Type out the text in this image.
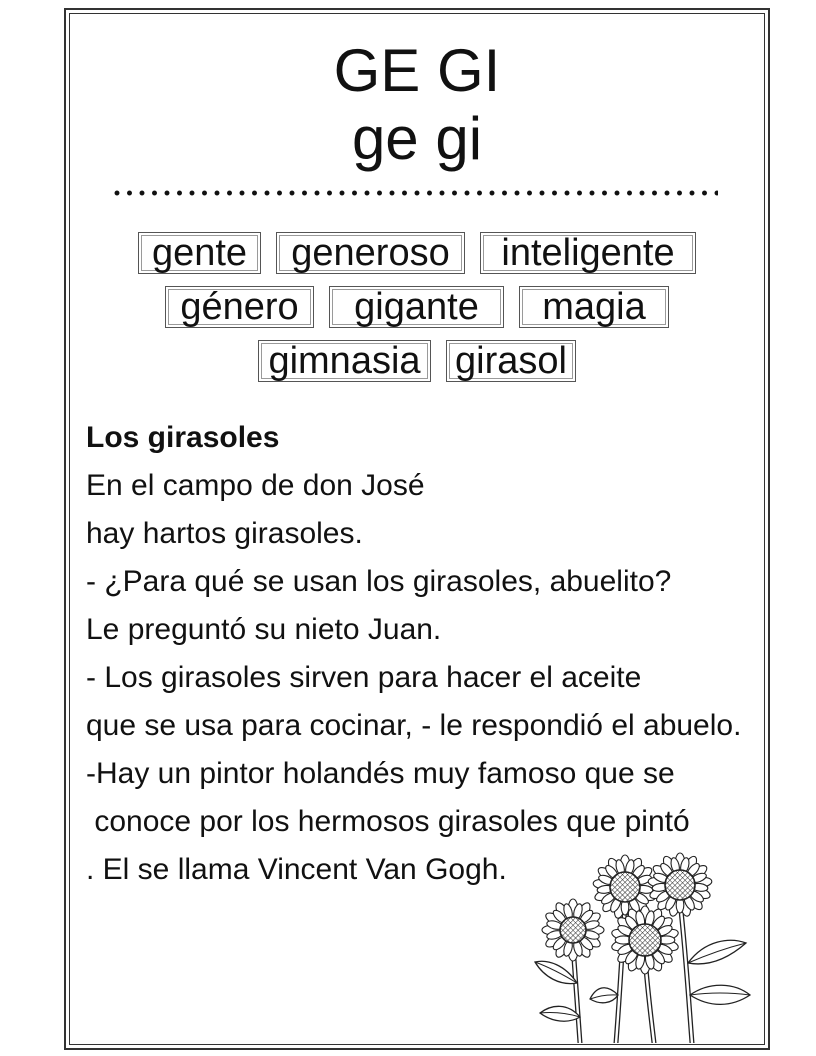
GE GI
ge gi
gente	generoso	inteligente
género	gigante	magia
gimnasia girasol
Los girasoles
En el campo de don José
hay hartos girasoles.
- ¿Para qué se usan los girasoles, abuelito?
Le preguntó su nieto Juan.
- Los girasoles sirven para hacer el aceite
que se usa para cocinar, - le respondió el abuelo.
-Hay un pintor holandés muy famoso que se
conoce por los hermosos girasoles que pintó
. El se llama Vincent Van Gogh.
